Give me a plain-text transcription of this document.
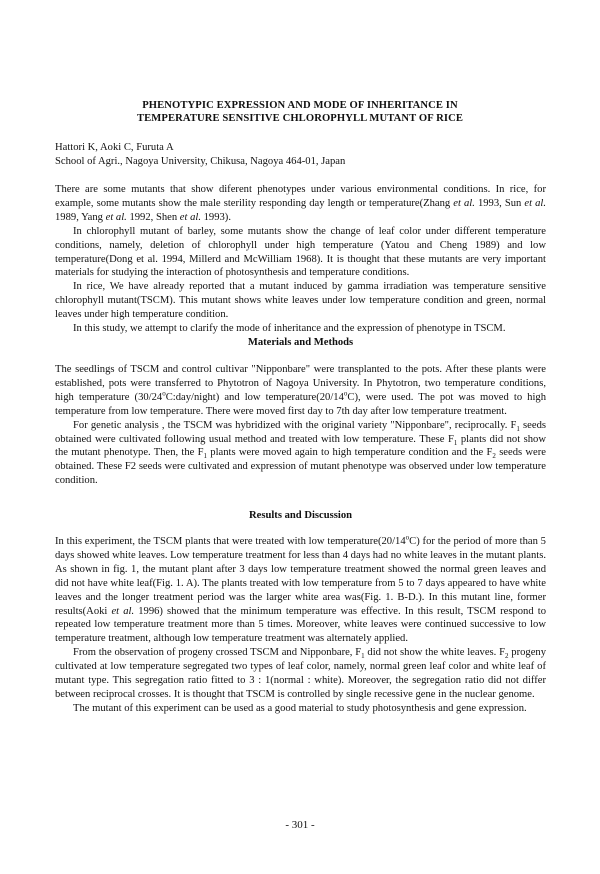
PHENOTYPIC EXPRESSION AND MODE OF INHERITANCE IN
TEMPERATURE SENSITIVE CHLOROPHYLL MUTANT OF RICE
Hattori K, Aoki C, Furuta A
School of Agri., Nagoya University, Chikusa, Nagoya 464-01, Japan

There are some mutants that show diferent phenotypes under various environmental conditions. In rice, for example, some mutants show the male sterility responding day length or temperature(Zhang et al. 1993, Sun et al. 1989, Yang et al. 1992, Shen et al. 1993).

In chlorophyll mutant of barley, some mutants show the change of leaf color under different temperature conditions, namely, deletion of chlorophyll under high temperature (Yatou and Cheng 1989) and low temperature(Dong et al. 1994, Millerd and McWilliam 1968). It is thought that these mutants are very important materials for studying the interaction of photosynthesis and temperature conditions.

In rice, We have already reported that a mutant induced by gamma irradiation was temperature sensitive chlorophyll mutant(TSCM). This mutant shows white leaves under low temperature condition and green, normal leaves under high temperature condition.

In this study, we attempt to clarify the mode of inheritance and the expression of phenotype in TSCM.

Materials and Methods

The seedlings of TSCM and control cultivar "Nipponbare" were transplanted to the pots. After these plants were established, pots were transferred to Phytotron of Nagoya University. In Phytotron, two temperature conditions, high temperature (30/24$^o$C:day/night) and low temperature(20/14$^o$C), were used. The pot was moved to high temperature from low temperature. There were moved first day to 7th day after low temperature treatment.

For genetic analysis , the TSCM was hybridized with the original variety "Nipponbare", reciprocally. $F_1$ seeds obtained were cultivated following usual method and treated with low temperature. These $F_1$ plants did not show the mutant phenotype. Then, the $F_1$ plants were moved again to high temperature condition and the $F_2$ seeds were obtained. These F2 seeds were cultivated and expression of mutant phenotype was observed under low temperature condition.

Results and Discussion

In this experiment, the TSCM plants that were treated with low temperature(20/14$^o$C) for the period of more than 5 days showed white leaves. Low temperature treatment for less than 4 days had no white leaves in the mutant plants. As shown in fig. 1, the mutant plant after 3 days low temperature treatment showed the normal green leaves and did not have white leaf(Fig. 1. A). The plants treated with low temperature from 5 to 7 days appeared to have white leaves and the longer treatment period was the larger white area was(Fig. 1. B-D.). In this mutant line, former results(Aoki et al. 1996) showed that the minimum temperature was effective. In this result, TSCM respond to repeated low temperature treatment more than 5 times. Moreover, white leaves were continued successive to low temperature treatment, although low temperature treatment was alternately applied.

From the observation of progeny crossed TSCM and Nipponbare, $F_1$ did not show the white leaves. $F_2$ progeny cultivated at low temperature segregated two types of leaf color, namely, normal green leaf color and white leaf of mutant type. This segregation ratio fitted to 3 : 1(normal : white). Moreover, the segregation ratio did not differ between reciprocal crosses. It is thought that TSCM is controlled by single recessive gene in the nuclear genome.

The mutant of this experiment can be used as a good material to study photosynthesis and gene expression.

- 301 -
